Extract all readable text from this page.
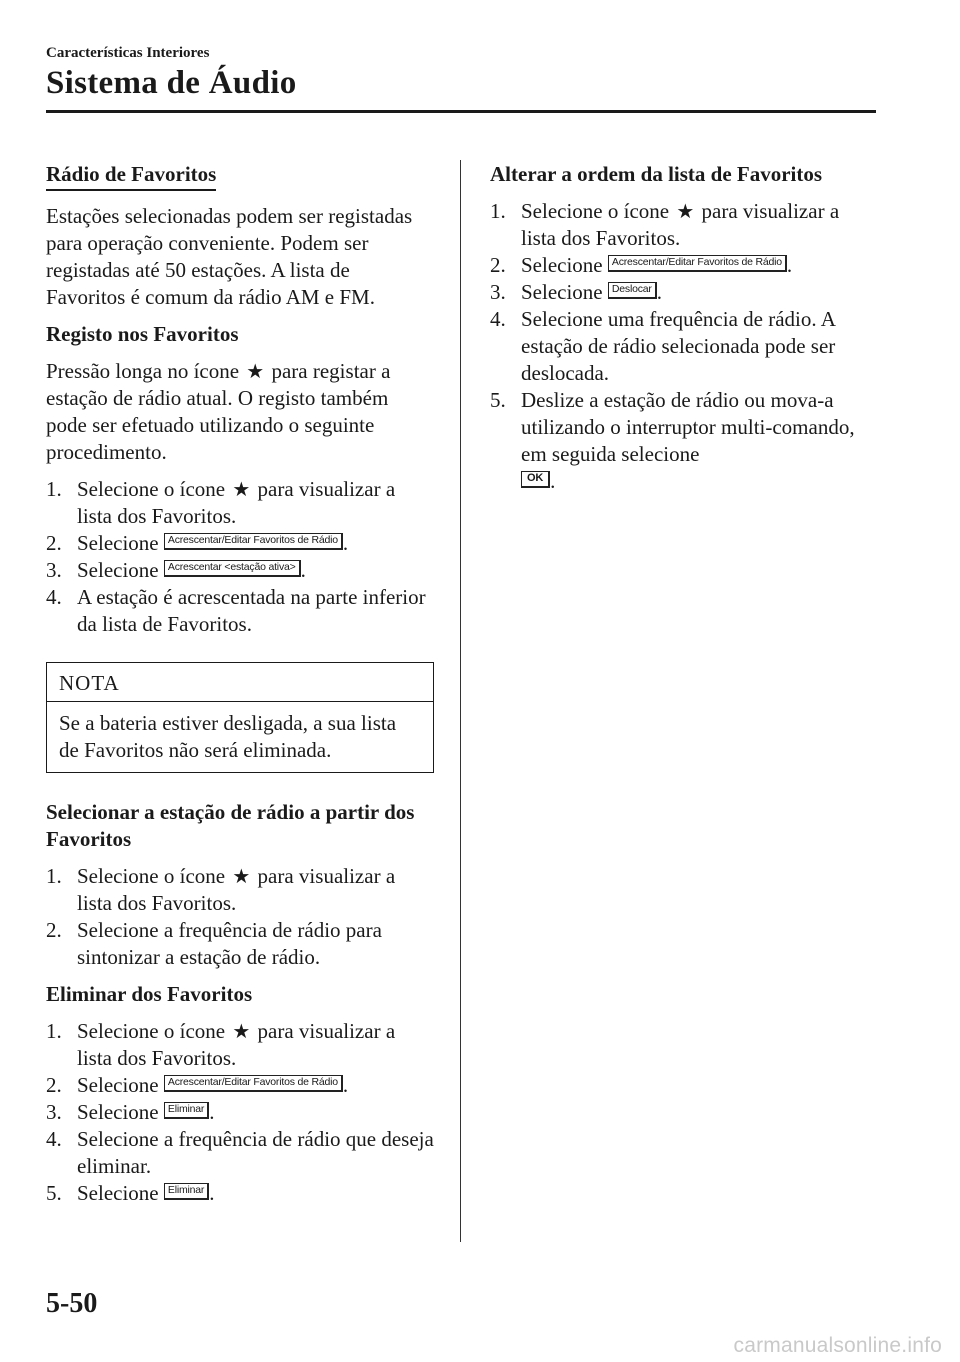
Características Interiores
Sistema de Áudio
Rádio de Favoritos

Estações selecionadas podem ser registadas para operação conveniente. Podem ser registadas até 50 estações. A lista de Favoritos é comum da rádio AM e FM.

Registo nos Favoritos

Pressão longa no ícone ★ para registar a estação de rádio atual. O registo também pode ser efetuado utilizando o seguinte procedimento.

1. Selecione o ícone ★ para visualizar a lista dos Favoritos.
2. Selecione Acrescentar/Editar Favoritos de Rádio .
3. Selecione Acrescentar <estação ativa> .
4. A estação é acrescentada na parte inferior da lista de Favoritos.
NOTA
Se a bateria estiver desligada, a sua lista de Favoritos não será eliminada.
Selecionar a estação de rádio a partir dos Favoritos
1. Selecione o ícone ★ para visualizar a lista dos Favoritos.
2. Selecione a frequência de rádio para sintonizar a estação de rádio.
Eliminar dos Favoritos
1. Selecione o ícone ★ para visualizar a lista dos Favoritos.
2. Selecione Acrescentar/Editar Favoritos de Rádio .
3. Selecione Eliminar .
4. Selecione a frequência de rádio que deseja eliminar.
5. Selecione Eliminar .
Alterar a ordem da lista de Favoritos
1. Selecione o ícone ★ para visualizar a lista dos Favoritos.
2. Selecione Acrescentar/Editar Favoritos de Rádio .
3. Selecione Deslocar .
4. Selecione uma frequência de rádio. A estação de rádio selecionada pode ser deslocada.
5. Deslize a estação de rádio ou mova-a utilizando o interruptor multi-comando, em seguida selecione
OK .
5-50
carmanualsonline.info
